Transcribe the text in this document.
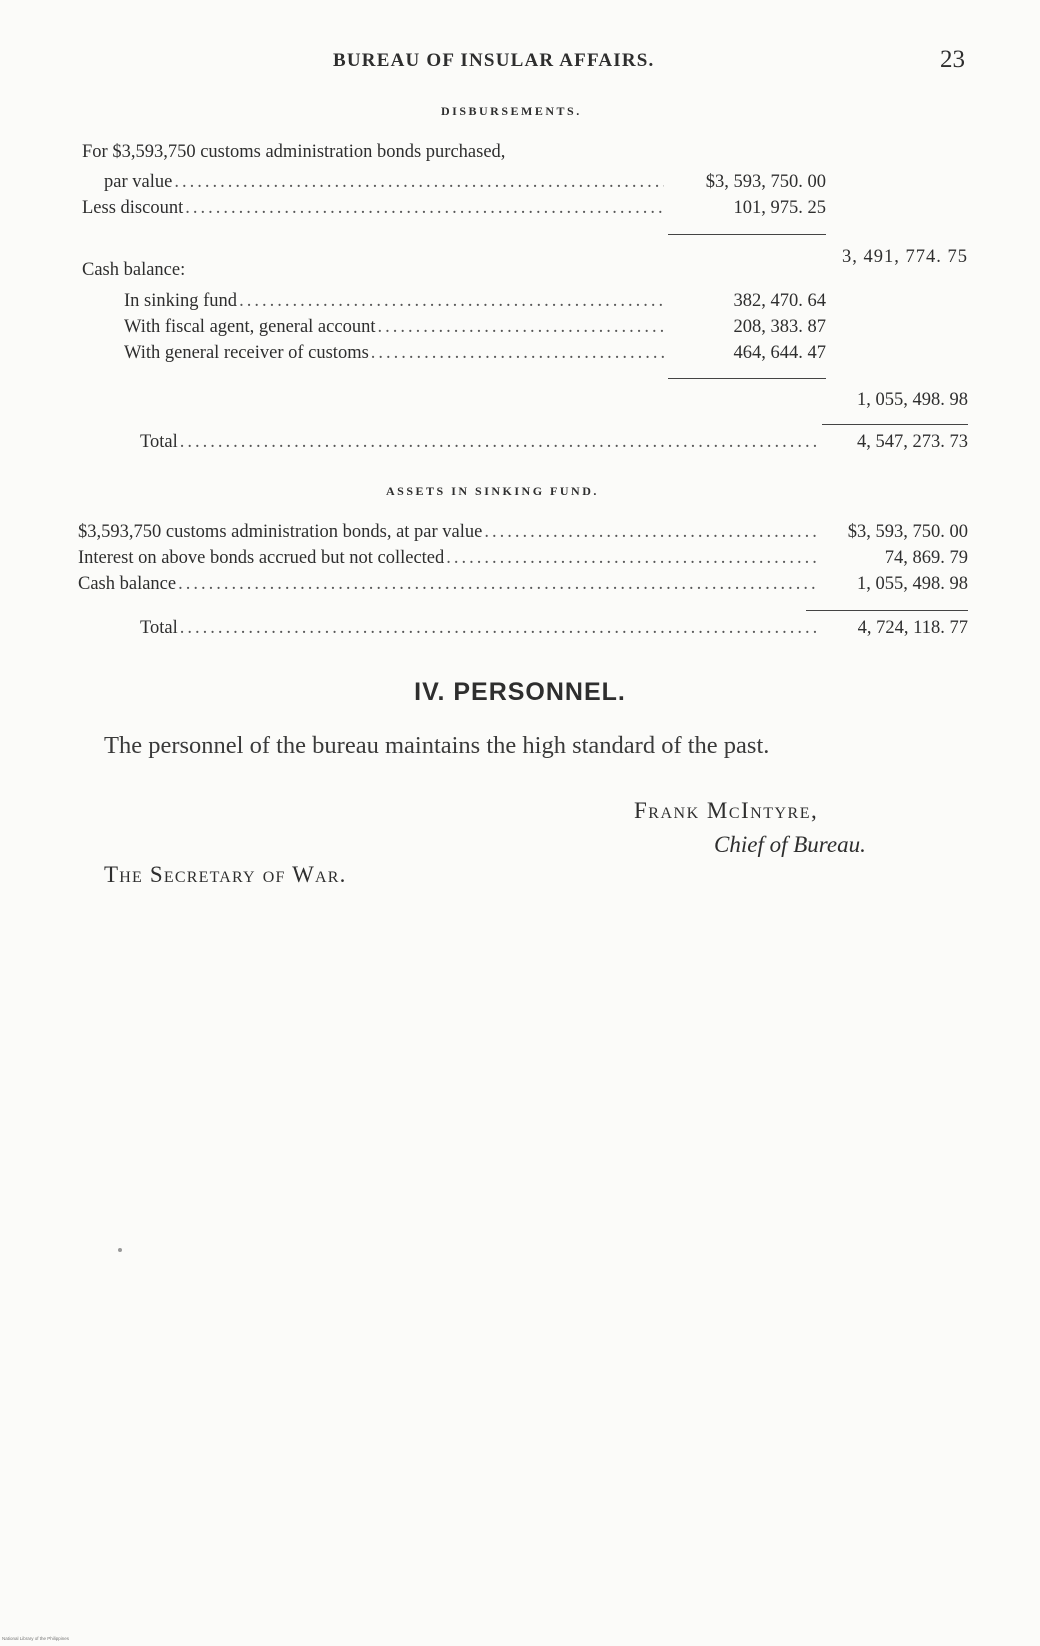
BUREAU OF INSULAR AFFAIRS.	23
DISBURSEMENTS.
For $3,593,750 customs administration bonds purchased,
par value .....	$3, 593, 750. 00
Less discount .....	101, 975. 25
3, 491, 774. 75
Cash balance:
In sinking fund .....	382, 470. 64
With fiscal agent, general account .....	208, 383. 87
With general receiver of customs .....	464, 644. 47
1, 055, 498. 98
Total .....	4, 547, 273. 73
ASSETS IN SINKING FUND.
$3,593,750 customs administration bonds, at par value .....	$3, 593, 750. 00
Interest on above bonds accrued but not collected .....	74, 869. 79
Cash balance .....	1, 055, 498. 98
Total .....	4, 724, 118. 77
IV. PERSONNEL.
The personnel of the bureau maintains the high standard of the past.
Frank McIntyre,
Chief of Bureau.
The Secretary of War.
National Library of the Philippines
